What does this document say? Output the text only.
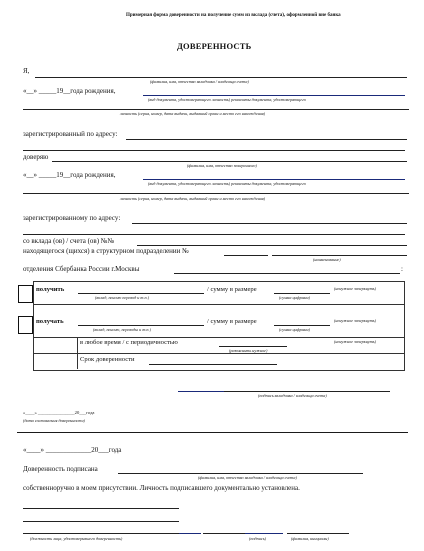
Примерная форма доверенности на получение сумм из вклада (счета), оформленной вне банка
ДОВЕРЕННОСТЬ
Я,
(фамилия, имя, отчество вкладчика / владельца счета)
«__» _____19__года рождения,
(вид документа, удостоверяющего личность) реквизиты документа, удостоверяющего
личность (серия, номер, дата выдачи, выдавший орган и место его нахождения)
зарегистрированный по адресу:
доверяю
(фамилия, имя, отчество поверенного)
«__» _____19__года рождения,
(вид документа, удостоверяющего личность) реквизиты документа, удостоверяющего
личность (серия, номер, дата выдачи, выдавший орган и место его нахождения)
зарегистрированному по адресу:
со вклада (ов) / счета (ов) №№
находящегося (щихся) в структурном подразделении №
(наименование)
отделения Сбербанка России г.Москвы	:
получить	/ сумму в размере
(вклад, пенсию перевод и т.п.)	(сумма цифрами)
(ненужное зачеркнуть)
получать	/ сумму в размере
(вклад, пенсию, переводы и т.п.)	(сумма цифрами)
(ненужное зачеркнуть)
в любое время / с периодичностью
(разъяснить нужное)
(ненужное зачеркнуть)
Срок доверенности
(подпись вкладчика / владельца счета)
«____» ________________20___года
(дата составления доверенности)
«____» _____________20___года
Доверенность подписана
(фамилия, имя, отчество вкладчика / владельца счета)
собственноручно в моем присутствии. Личность подписавшего документально установлена.
(должность лица, удостоверившего доверенность)	(подпись)	(фамилия, инициалы)
